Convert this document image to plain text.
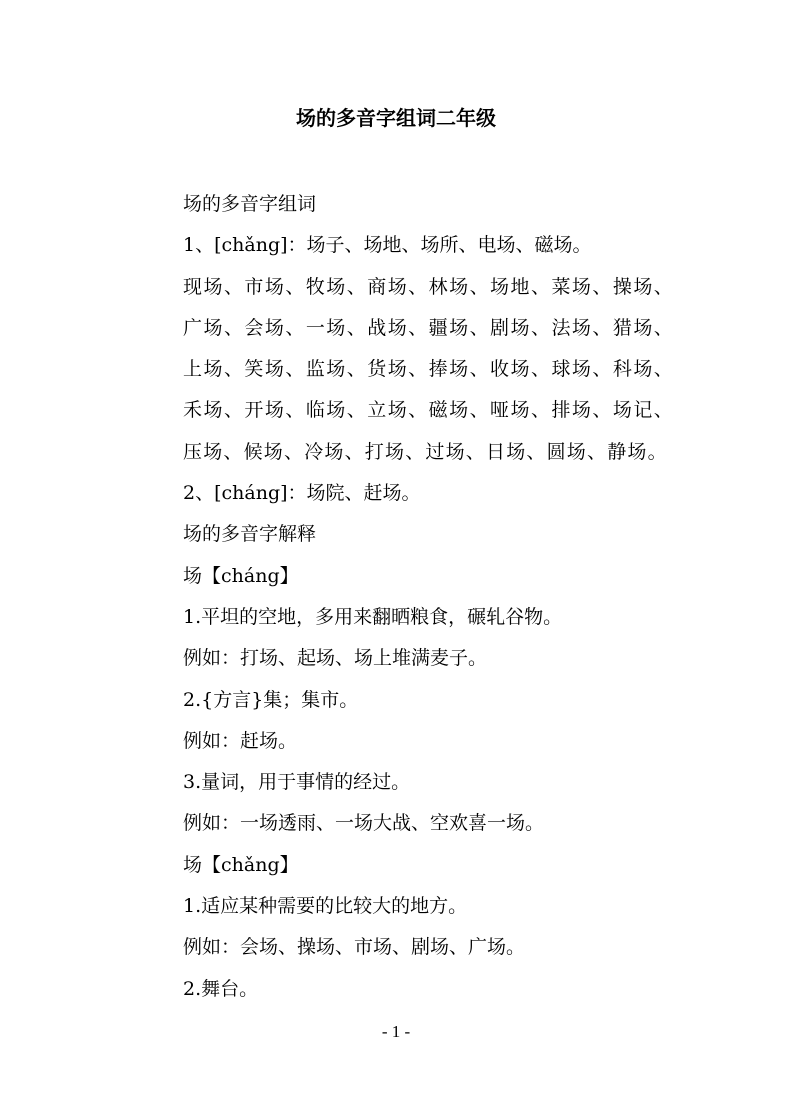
场的多音字组词二年级

场的多音字组词

1、[chǎng]：场子、场地、场所、电场、磁场。

现场、市场、牧场、商场、林场、场地、菜场、操场、广场、会场、一场、战场、疆场、剧场、法场、猎场、上场、笑场、监场、货场、捧场、收场、球场、科场、禾场、开场、临场、立场、磁场、哑场、排场、场记、压场、候场、冷场、打场、过场、日场、圆场、静场。

2、[cháng]：场院、赶场。

场的多音字解释

场【cháng】

1.平坦的空地，多用来翻晒粮食，碾轧谷物。

例如：打场、起场、场上堆满麦子。

2.{方言}集；集市。

例如：赶场。

3.量词，用于事情的经过。

例如：一场透雨、一场大战、空欢喜一场。

场【chǎng】

1.适应某种需要的比较大的地方。

例如：会场、操场、市场、剧场、广场。

2.舞台。

- 1 -
